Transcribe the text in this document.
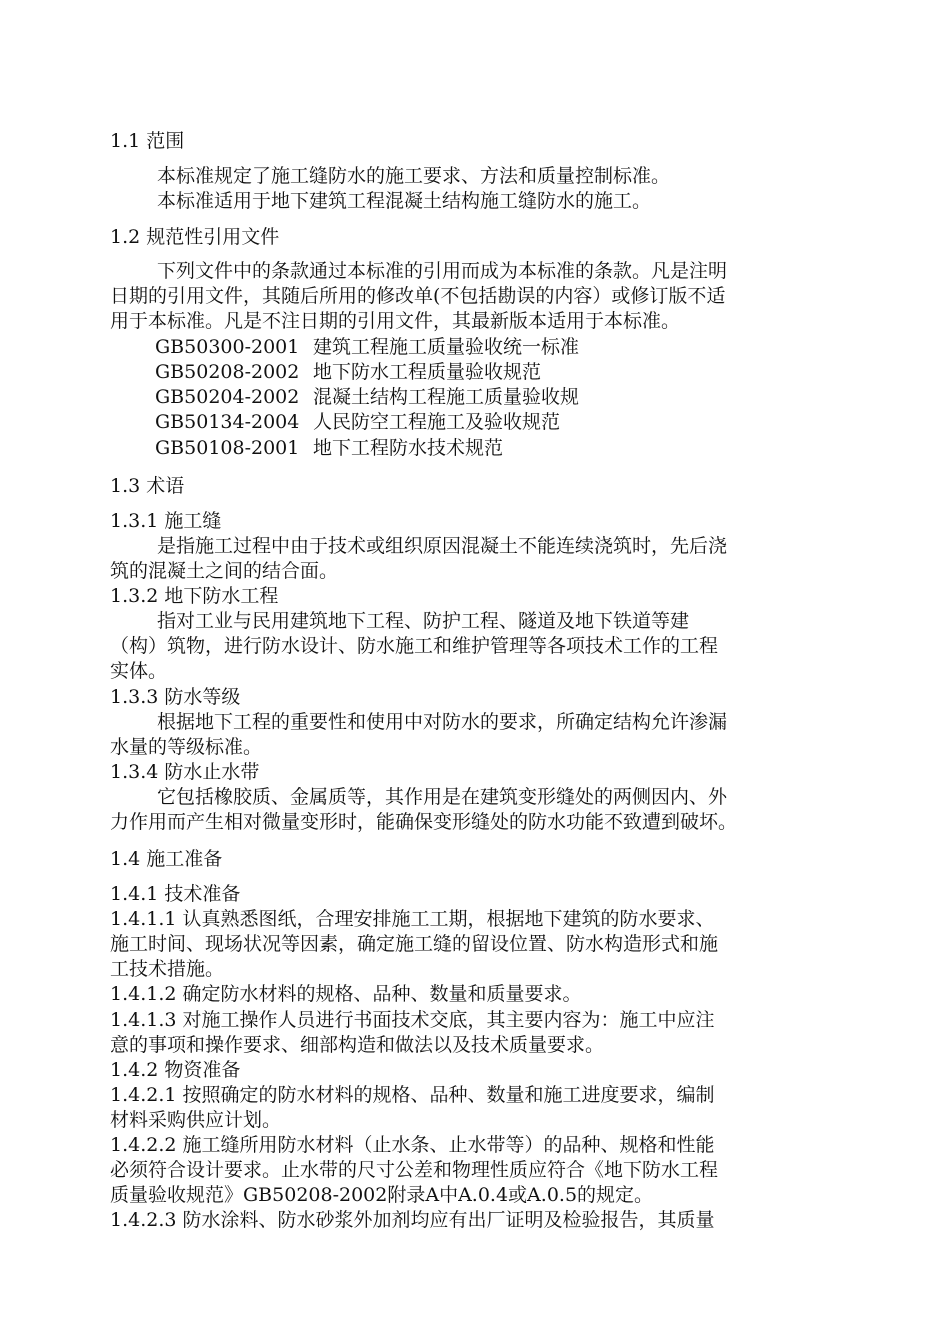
1.1 范围
本标准规定了施工缝防水的施工要求、方法和质量控制标准。
本标准适用于地下建筑工程混凝土结构施工缝防水的施工。
1.2 规范性引用文件
下列文件中的条款通过本标准的引用而成为本标准的条款。凡是注明
日期的引用文件，其随后所用的修改单(不包括勘误的内容）或修订版不适
用于本标准。凡是不注日期的引用文件，其最新版本适用于本标准。
GB50300-2001 建筑工程施工质量验收统一标准
GB50208-2002 地下防水工程质量验收规范
GB50204-2002 混凝土结构工程施工质量验收规
GB50134-2004 人民防空工程施工及验收规范
GB50108-2001 地下工程防水技术规范
1.3 术语
1.3.1 施工缝
是指施工过程中由于技术或组织原因混凝土不能连续浇筑时，先后浇
筑的混凝土之间的结合面。
1.3.2 地下防水工程
指对工业与民用建筑地下工程、防护工程、隧道及地下铁道等建
（构）筑物，进行防水设计、防水施工和维护管理等各项技术工作的工程
实体。
1.3.3 防水等级
根据地下工程的重要性和使用中对防水的要求，所确定结构允许渗漏
水量的等级标准。
1.3.4 防水止水带
它包括橡胶质、金属质等，其作用是在建筑变形缝处的两侧因内、外
力作用而产生相对微量变形时，能确保变形缝处的防水功能不致遭到破坏。
1.4 施工准备
1.4.1 技术准备
1.4.1.1 认真熟悉图纸，合理安排施工工期，根据地下建筑的防水要求、
施工时间、现场状况等因素，确定施工缝的留设位置、防水构造形式和施
工技术措施。
1.4.1.2 确定防水材料的规格、品种、数量和质量要求。
1.4.1.3 对施工操作人员进行书面技术交底，其主要内容为：施工中应注
意的事项和操作要求、细部构造和做法以及技术质量要求。
1.4.2 物资准备
1.4.2.1 按照确定的防水材料的规格、品种、数量和施工进度要求，编制
材料采购供应计划。
1.4.2.2 施工缝所用防水材料（止水条、止水带等）的品种、规格和性能
必须符合设计要求。止水带的尺寸公差和物理性质应符合《地下防水工程
质量验收规范》GB50208-2002附录A中A.0.4或A.0.5的规定。
1.4.2.3 防水涂料、防水砂浆外加剂均应有出厂证明及检验报告，其质量
